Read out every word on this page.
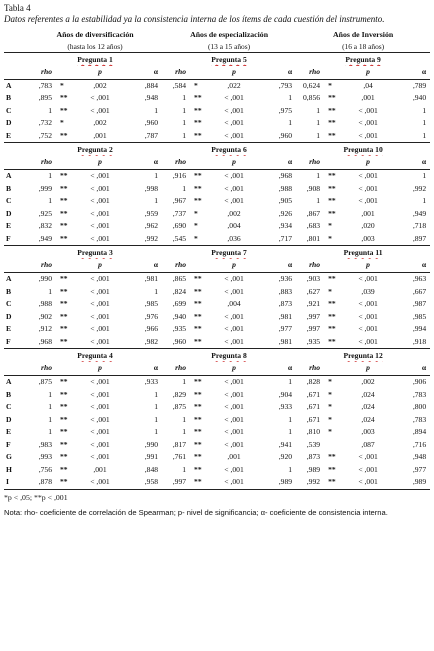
Tabla 4
Datos referentes a la estabilidad ya la consistencia interna de los ítems de cada cuestión del instrumento.
	Años de diversificación				Años de especialización				Años de Inversión			
	(hasta los 12 años)				(13 a 15 años)				(16 a 18 años)			
	Pregunta 1				Pregunta 5				Pregunta 9			
	rho		p	α	rho		p	α	rho		p	α
A	,783	*	,002	,884	,584	*	,022	,793	0,624	*	,04	,789
B	,895	**	< ,001	,948	1	**	< ,001	1	0,856	**	,001	,940
C	1	**	< ,001	1	1	**	< ,001	,975	1	**	< ,001	1
D	,732	*	,002	,960	1	**	< ,001	1	1	**	< ,001	1
E	,752	**	,001	,787	1	**	< ,001	,960	1	**	< ,001	1
	Pregunta 2				Pregunta 6				Pregunta 10			
	rho		p	α	rho		p	α	rho		p	α
A	1	**	< ,001	1	,916	**	< ,001	,968	1	**	< ,001	1
B	,999	**	< ,001	,998	1	**	< ,001	,988	,908	**	< ,001	,992
C	1	**	< ,001	1	,967	**	< ,001	,905	1	**	< ,001	1
D	,925	**	< ,001	,959	,737	*	,002	,926	,867	**	,001	,949
E	,832	**	< ,001	,962	,690	*	,004	,934	,683	*	,020	,718
F	,949	**	< ,001	,992	,545	*	,036	,717	,801	*	,003	,897
	Pregunta 3				Pregunta 7				Pregunta 11			
	rho		p	α	rho		p	α	rho		p	α
A	,990	**	< ,001	,981	,865	**	< ,001	,936	,903	**	< ,001	,963
B	1	**	< ,001	1	,824	**	< ,001	,883	,627	*	,039	,667
C	,988	**	< ,001	,985	,699	**	,004	,873	,921	**	< ,001	,987
D	,902	**	< ,001	,976	,940	**	< ,001	,981	,997	**	< ,001	,985
E	,912	**	< ,001	,966	,935	**	< ,001	,977	,997	**	< ,001	,994
F	,968	**	< ,001	,982	,960	**	< ,001	,981	,935	**	< ,001	,918
	Pregunta 4				Pregunta 8				Pregunta 12			
	rho		p	α	rho		p	α	rho		p	α
A	,875	**	< ,001	,933	1	**	< ,001	1	,828	*	,002	,906
B	1	**	< ,001	1	,829	**	< ,001	,904	,671	*	,024	,783
C	1	**	< ,001	1	,875	**	< ,001	,933	,671	*	,024	,800
D	1	**	< ,001	1	1	**	< ,001	1	,671	*	,024	,783
E	1	**	< ,001	1	1	**	< ,001	1	,810	*	,003	,894
F	,983	**	< ,001	,990	,817	**	< ,001	,941	,539		,087	,716
G	,993	**	< ,001	,991	,761	**	,001	,920	,873	**	< ,001	,948
H	,756	**	,001	,848	1	**	< ,001	1	,989	**	< ,001	,977
I	,878	**	< ,001	,958	,997	**	< ,001	,989	,992	**	< ,001	,989
*p < ,05; **p < ,001
Nota: rho- coeficiente de correlación de Spearman; p- nivel de significancia; α- coeficiente de consistencia interna.
